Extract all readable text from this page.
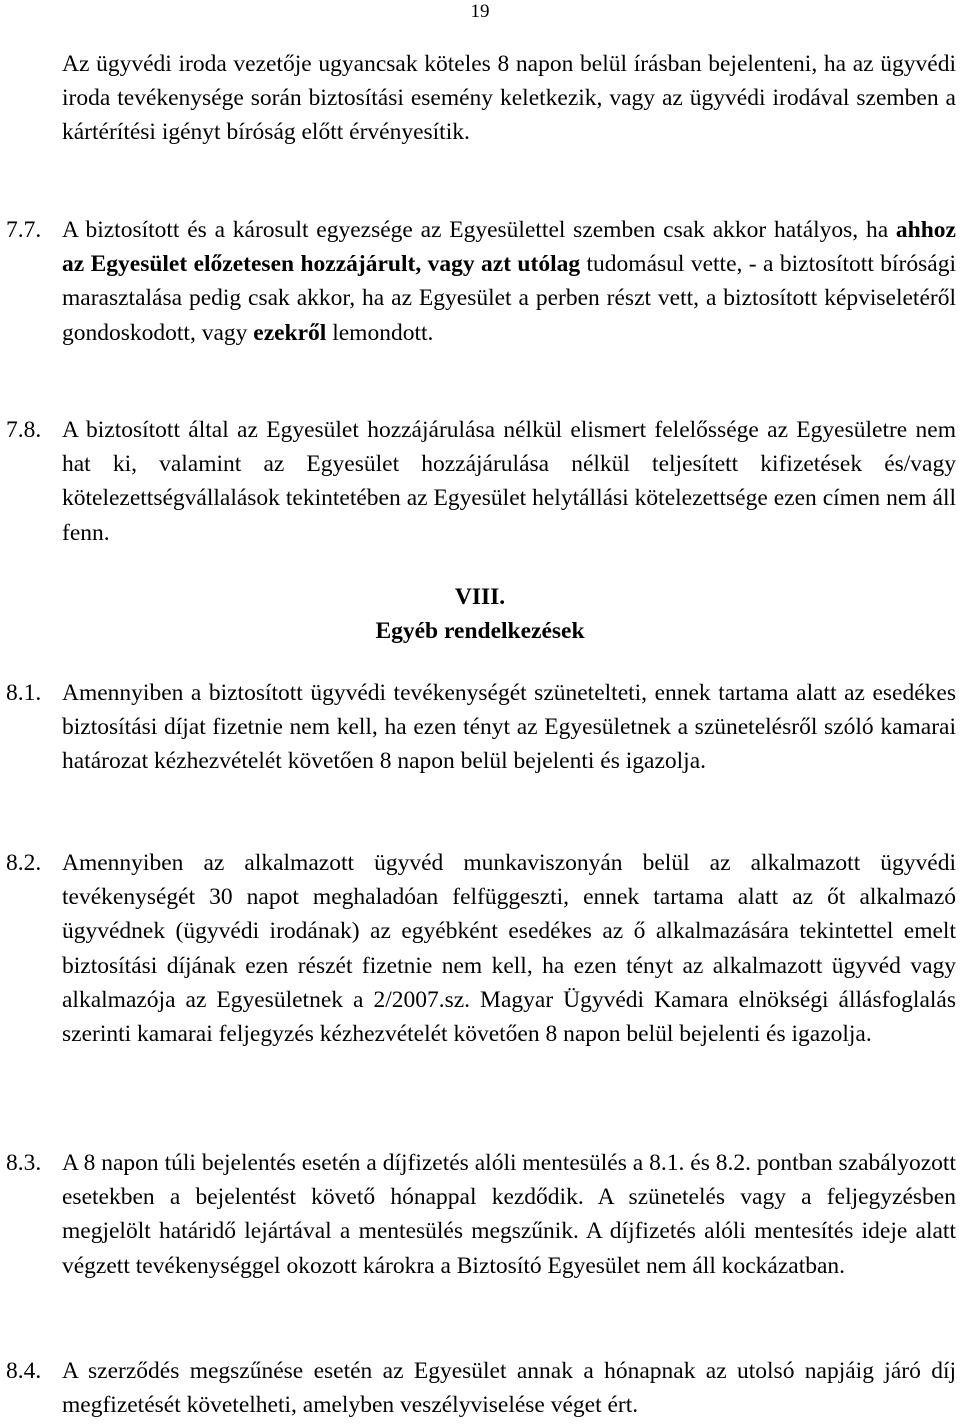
19
Az ügyvédi iroda vezetője ugyancsak köteles 8 napon belül írásban bejelenteni, ha az ügyvédi iroda tevékenysége során biztosítási esemény keletkezik, vagy az ügyvédi irodával szemben a kártérítési igényt bíróság előtt érvényesítik.
7.7. A biztosított és a károsult egyezsége az Egyesülettel szemben csak akkor hatályos, ha ahhoz az Egyesület előzetesen hozzájárult, vagy azt utólag tudomásul vette, - a biztosított bírósági marasztalása pedig csak akkor, ha az Egyesület a perben részt vett, a biztosított képviseletéről gondoskodott, vagy ezekről lemondott.
7.8. A biztosított által az Egyesület hozzájárulása nélkül elismert felelőssége az Egyesületre nem hat ki, valamint az Egyesület hozzájárulása nélkül teljesített kifizetések és/vagy kötelezettségvállalások tekintetében az Egyesület helytállási kötelezettsége ezen címen nem áll fenn.
VIII.
Egyéb rendelkezések
8.1. Amennyiben a biztosított ügyvédi tevékenységét szünetelteti, ennek tartama alatt az esedékes biztosítási díjat fizetnie nem kell, ha ezen tényt az Egyesületnek a szünetelésről szóló kamarai határozat kézhezvételét követően 8 napon belül bejelenti és igazolja.
8.2. Amennyiben az alkalmazott ügyvéd munkaviszonyán belül az alkalmazott ügyvédi tevékenységét 30 napot meghaladóan felfüggeszti, ennek tartama alatt az őt alkalmazó ügyvédnek (ügyvédi irodának) az egyébként esedékes az ő alkalmazására tekintettel emelt biztosítási díjának ezen részét fizetnie nem kell, ha ezen tényt az alkalmazott ügyvéd vagy alkalmazója az Egyesületnek a 2/2007.sz. Magyar Ügyvédi Kamara elnökségi állásfoglalás szerinti kamarai feljegyzés kézhezvételét követően 8 napon belül bejelenti és igazolja.
8.3. A 8 napon túli bejelentés esetén a díjfizetés alóli mentesülés a 8.1. és 8.2. pontban szabályozott esetekben a bejelentést követő hónappal kezdődik. A szünetelés vagy a feljegyzésben megjelölt határidő lejártával a mentesülés megszűnik. A díjfizetés alóli mentesítés ideje alatt végzett tevékenységgel okozott károkra a Biztosító Egyesület nem áll kockázatban.
8.4. A szerződés megszűnése esetén az Egyesület annak a hónapnak az utolsó napjáig járó díj megfizetését követelheti, amelyben veszélyviselése véget ért.
